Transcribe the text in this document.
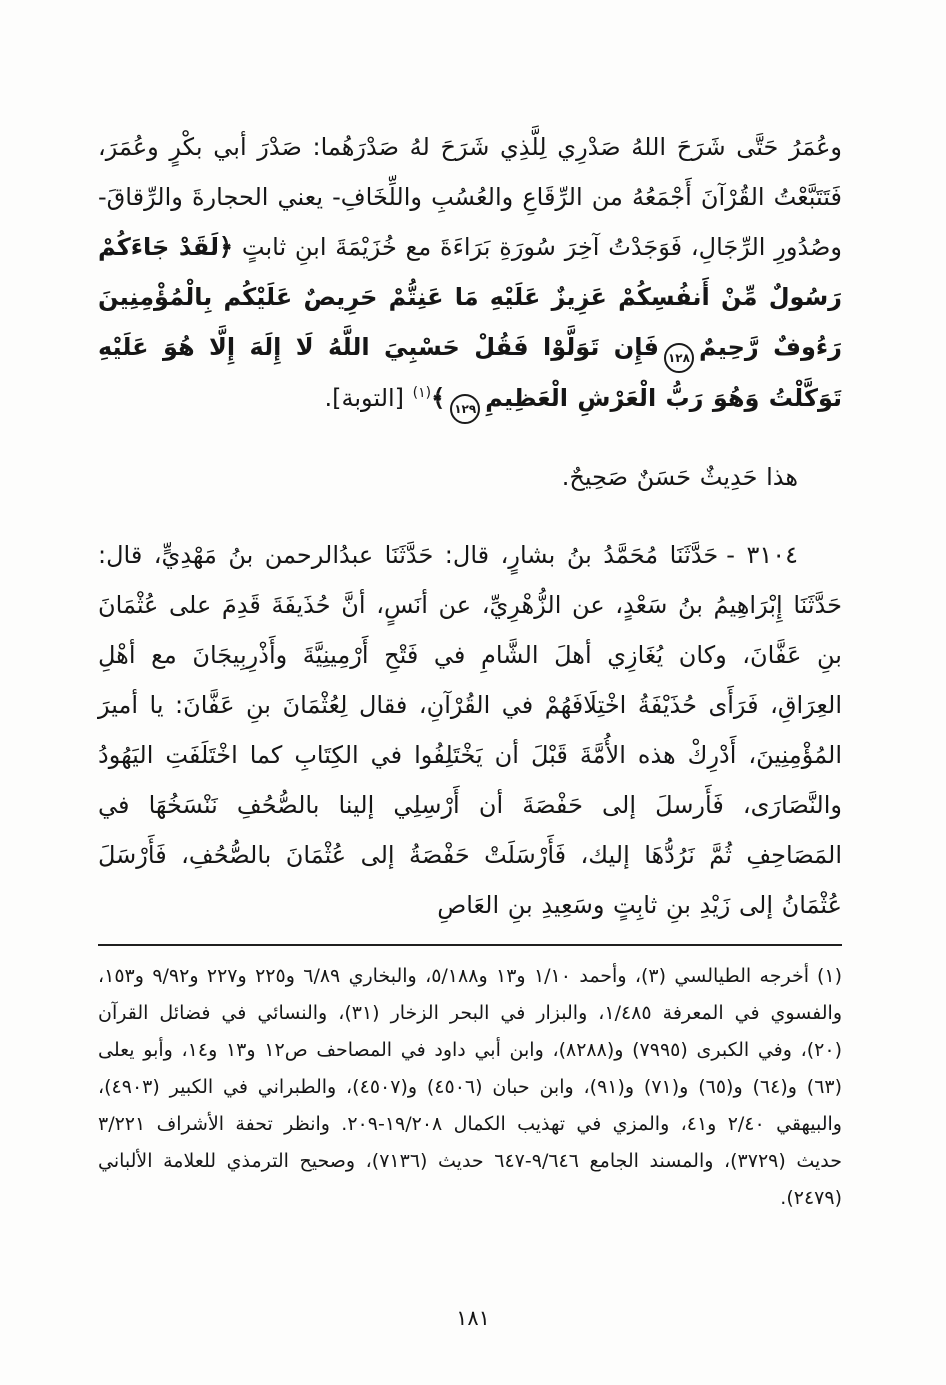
وعُمَرُ حَتَّى شَرَحَ اللهُ صَدْرِي لِلَّذِي شَرَحَ لهُ صَدْرَهُما: صَدْرَ أبي بكْرٍ وعُمَرَ، فَتَتَبَّعْتُ القُرْآنَ أَجْمَعُهُ من الرِّقَاعِ والعُسُبِ واللِّخَافِ- يعني الحجارةَ والرِّقاقَ- وصُدُورِ الرِّجَالِ، فَوَجَدْتُ آخِرَ سُورَةِ بَرَاءَةَ مع خُزَيْمَةَ ابنِ ثابتٍ ﴿لَقَدْ جَاءَكُمْ رَسُولٌ مِّنْ أَنفُسِكُمْ عَزِيزٌ عَلَيْهِ مَا عَنِتُّمْ حَرِيصٌ عَلَيْكُم بِالْمُؤْمِنِينَ رَءُوفٌ رَّحِيمٌ١٢٨فَإِن تَوَلَّوْا فَقُلْ حَسْبِيَ اللَّهُ لَا إِلَهَ إِلَّا هُوَ عَلَيْهِ تَوَكَّلْتُ وَهُوَ رَبُّ الْعَرْشِ الْعَظِيمِ١٢٩﴾$^{(١)}$ [التوبة].

هذا حَدِيثٌ حَسَنٌ صَحِيحٌ.

٣١٠٤ -حَدَّثَنَا مُحَمَّدُ بنُ بشارٍ، قال: حَدَّثَنَا عبدُالرحمن بنُ مَهْدِيٍّ، قال: حَدَّثَنَا إِبْرَاهِيمُ بنُ سَعْدٍ، عن الزُّهْرِيِّ، عن أنَسٍ، أنَّ حُذَيفَةَ قَدِمَ على عُثْمَانَ بنِ عَفَّانَ، وكان يُغَازِي أهلَ الشَّامِ في فَتْحِ أَرْمِينِيَّةَ وأَذْرِبِيجَانَ مع أهْلِ العِرَاقِ، فَرَأَى حُذَيْفَةُ اخْتِلَافَهُمْ في القُرْآنِ، فقال لِعُثْمَانَ بنِ عَفَّانَ: يا أميرَ المُؤْمِنِينَ، أَدْرِكْ هذه الأُمَّةَ قَبْلَ أن يَخْتَلِفُوا في الكِتَابِ كما اخْتَلَفَتِ اليَهُودُ والنَّصَارَى، فَأَرسلَ إلى حَفْصَةَ أن أَرْسِلِي إلينا بالصُّحُفِ نَنْسَخُهَا في المَصَاحِفِ ثُمَّ نَرُدُّهَا إليك، فَأَرْسَلَتْ حَفْصَةُ إلى عُثْمَانَ بالصُّحُفِ، فَأَرْسَلَ عُثْمَانُ إلى زَيْدِ بنِ ثابِتٍ وسَعِيدِ بنِ العَاصِ

(١)أخرجه الطيالسي (٣)، وأحمد ١/١٠ و١٣ و٥/١٨٨، والبخاري ٦/٨٩ و٢٢٥ و٢٢٧ و٩/٩٢ و١٥٣، والفسوي في المعرفة ١/٤٨٥، والبزار في البحر الزخار (٣١)، والنسائي في فضائل القرآن (٢٠)، وفي الكبرى (٧٩٩٥) و(٨٢٨٨)، وابن أبي داود في المصاحف ص١٢ و١٣ و١٤، وأبو يعلى (٦٣) و(٦٤) و(٦٥) و(٧١) و(٩١)، وابن حبان (٤٥٠٦) و(٤٥٠٧)، والطبراني في الكبير (٤٩٠٣)، والبيهقي ٢/٤٠ و٤١، والمزي في تهذيب الكمال ١٩/٢٠٨-٢٠٩. وانظر تحفة الأشراف ٣/٢٢١ حديث (٣٧٢٩)، والمسند الجامع ٩/٦٤٦-٦٤٧ حديث (٧١٣٦)، وصحيح الترمذي للعلامة الألباني (٢٤٧٩).

١٨١
